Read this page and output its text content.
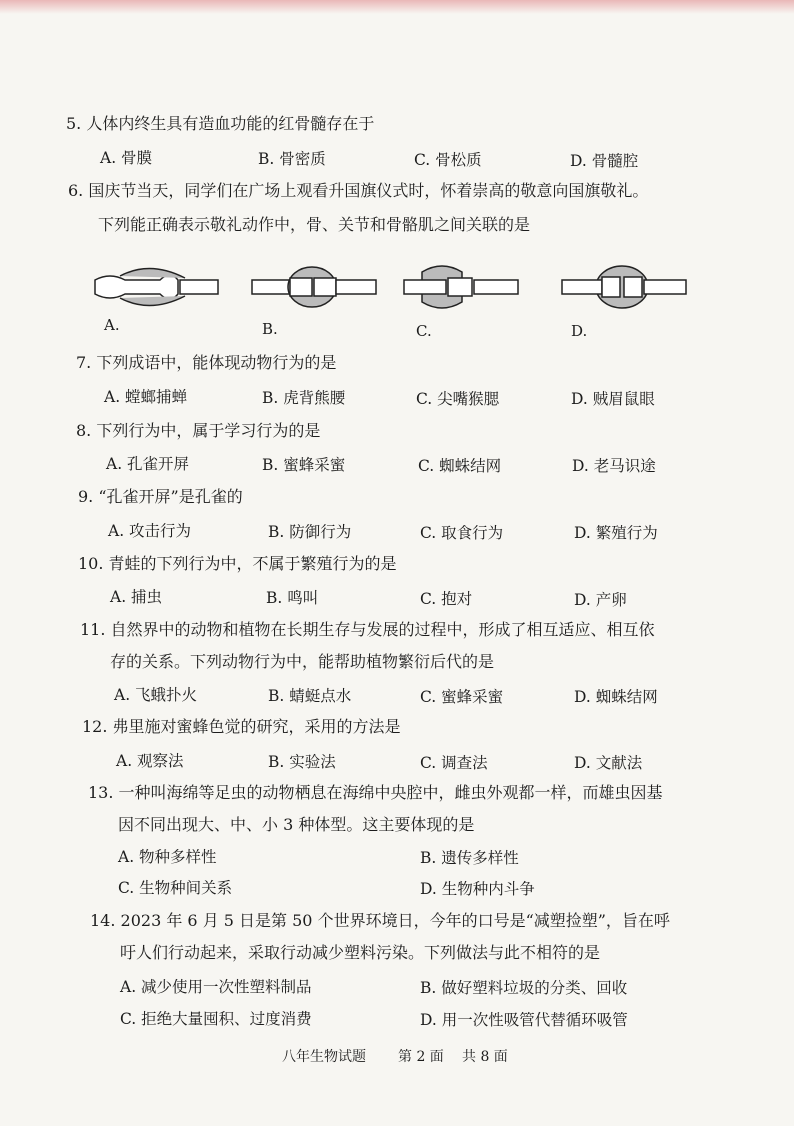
5. 人体内终生具有造血功能的红骨髓存在于
A. 骨膜	B. 骨密质	C. 骨松质	D. 骨髓腔
6. 国庆节当天，同学们在广场上观看升国旗仪式时，怀着崇高的敬意向国旗敬礼。
下列能正确表示敬礼动作中，骨、关节和骨骼肌之间关联的是
A.	B.	C.	D.
7. 下列成语中，能体现动物行为的是
A. 螳螂捕蝉	B. 虎背熊腰	C. 尖嘴猴腮	D. 贼眉鼠眼
8. 下列行为中，属于学习行为的是
A. 孔雀开屏	B. 蜜蜂采蜜	C. 蜘蛛结网	D. 老马识途
9. “孔雀开屏”是孔雀的
A. 攻击行为	B. 防御行为	C. 取食行为	D. 繁殖行为
10. 青蛙的下列行为中，不属于繁殖行为的是
A. 捕虫	B. 鸣叫	C. 抱对	D. 产卵
11. 自然界中的动物和植物在长期生存与发展的过程中，形成了相互适应、相互依
存的关系。下列动物行为中，能帮助植物繁衍后代的是
A. 飞蛾扑火	B. 蜻蜓点水	C. 蜜蜂采蜜	D. 蜘蛛结网
12. 弗里施对蜜蜂色觉的研究，采用的方法是
A. 观察法	B. 实验法	C. 调查法	D. 文献法
13. 一种叫海绵等足虫的动物栖息在海绵中央腔中，雌虫外观都一样，而雄虫因基
因不同出现大、中、小 3 种体型。这主要体现的是
A. 物种多样性	B. 遗传多样性
C. 生物种间关系	D. 生物种内斗争
14. 2023 年 6 月 5 日是第 50 个世界环境日，今年的口号是“减塑捡塑”，旨在呼
吁人们行动起来，采取行动减少塑料污染。下列做法与此不相符的是
A. 减少使用一次性塑料制品	B. 做好塑料垃圾的分类、回收
C. 拒绝大量囤积、过度消费	D. 用一次性吸管代替循环吸管
八年生物试题 第 2 面 共 8 面
